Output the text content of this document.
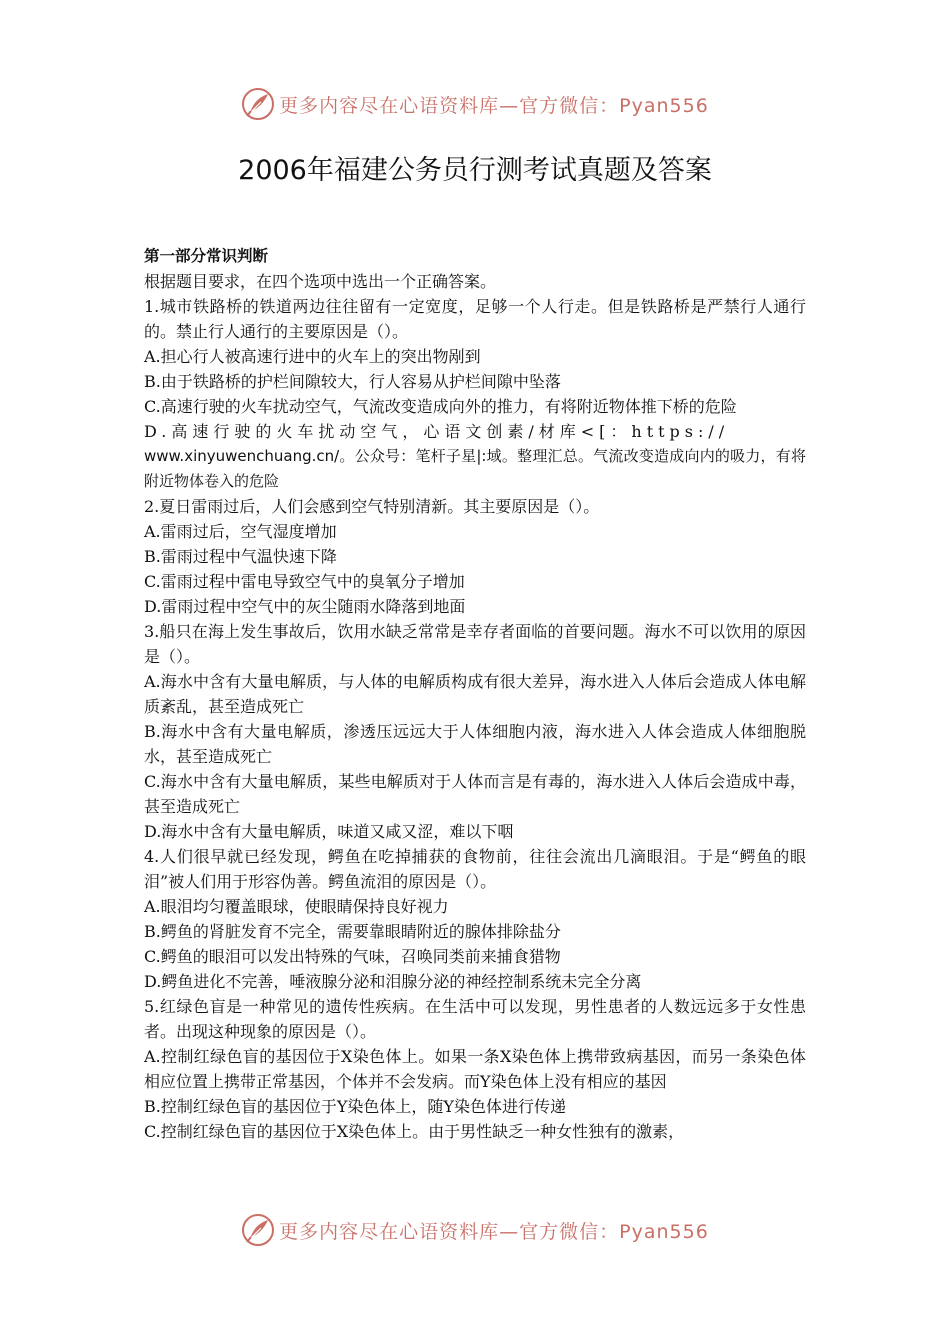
更多内容尽在心语资料库—官方微信：Pyan556
2006年福建公务员行测考试真题及答案

第一部分常识判断

根据题目要求，在四个选项中选出一个正确答案。

1.城市铁路桥的铁道两边往往留有一定宽度，足够一个人行走。但是铁路桥是严禁行人通行的。禁止行人通行的主要原因是（）。

A.担心行人被高速行进中的火车上的突出物剐到

B.由于铁路桥的护栏间隙较大，行人容易从护栏间隙中坠落

C.高速行驶的火车扰动空气，气流改变造成向外的推力，有将附近物体推下桥的危险

D.高速行驶的火车扰动空气，心语文创素/材库<[：https://

www.xinyuwenchuang.cn/。公众号：笔杆子星|:域。整理汇总。气流改变造成向内的吸力，有将附近物体卷入的危险

2.夏日雷雨过后，人们会感到空气特别清新。其主要原因是（）。

A.雷雨过后，空气湿度增加

B.雷雨过程中气温快速下降

C.雷雨过程中雷电导致空气中的臭氧分子增加

D.雷雨过程中空气中的灰尘随雨水降落到地面

3.船只在海上发生事故后，饮用水缺乏常常是幸存者面临的首要问题。海水不可以饮用的原因是（）。

A.海水中含有大量电解质，与人体的电解质构成有很大差异，海水进入人体后会造成人体电解质紊乱，甚至造成死亡

B.海水中含有大量电解质，渗透压远远大于人体细胞内液，海水进入人体会造成人体细胞脱水，甚至造成死亡

C.海水中含有大量电解质，某些电解质对于人体而言是有毒的，海水进入人体后会造成中毒，甚至造成死亡

D.海水中含有大量电解质，味道又咸又涩，难以下咽

4.人们很早就已经发现，鳄鱼在吃掉捕获的食物前，往往会流出几滴眼泪。于是“鳄鱼的眼泪”被人们用于形容伪善。鳄鱼流泪的原因是（）。

A.眼泪均匀覆盖眼球，使眼睛保持良好视力

B.鳄鱼的肾脏发育不完全，需要靠眼睛附近的腺体排除盐分

C.鳄鱼的眼泪可以发出特殊的气味，召唤同类前来捕食猎物

D.鳄鱼进化不完善，唾液腺分泌和泪腺分泌的神经控制系统未完全分离

5.红绿色盲是一种常见的遗传性疾病。在生活中可以发现，男性患者的人数远远多于女性患者。出现这种现象的原因是（）。

A.控制红绿色盲的基因位于X染色体上。如果一条X染色体上携带致病基因，而另一条染色体相应位置上携带正常基因，个体并不会发病。而Y染色体上没有相应的基因

B.控制红绿色盲的基因位于Y染色体上，随Y染色体进行传递

C.控制红绿色盲的基因位于X染色体上。由于男性缺乏一种女性独有的激素，

更多内容尽在心语资料库—官方微信：Pyan556
